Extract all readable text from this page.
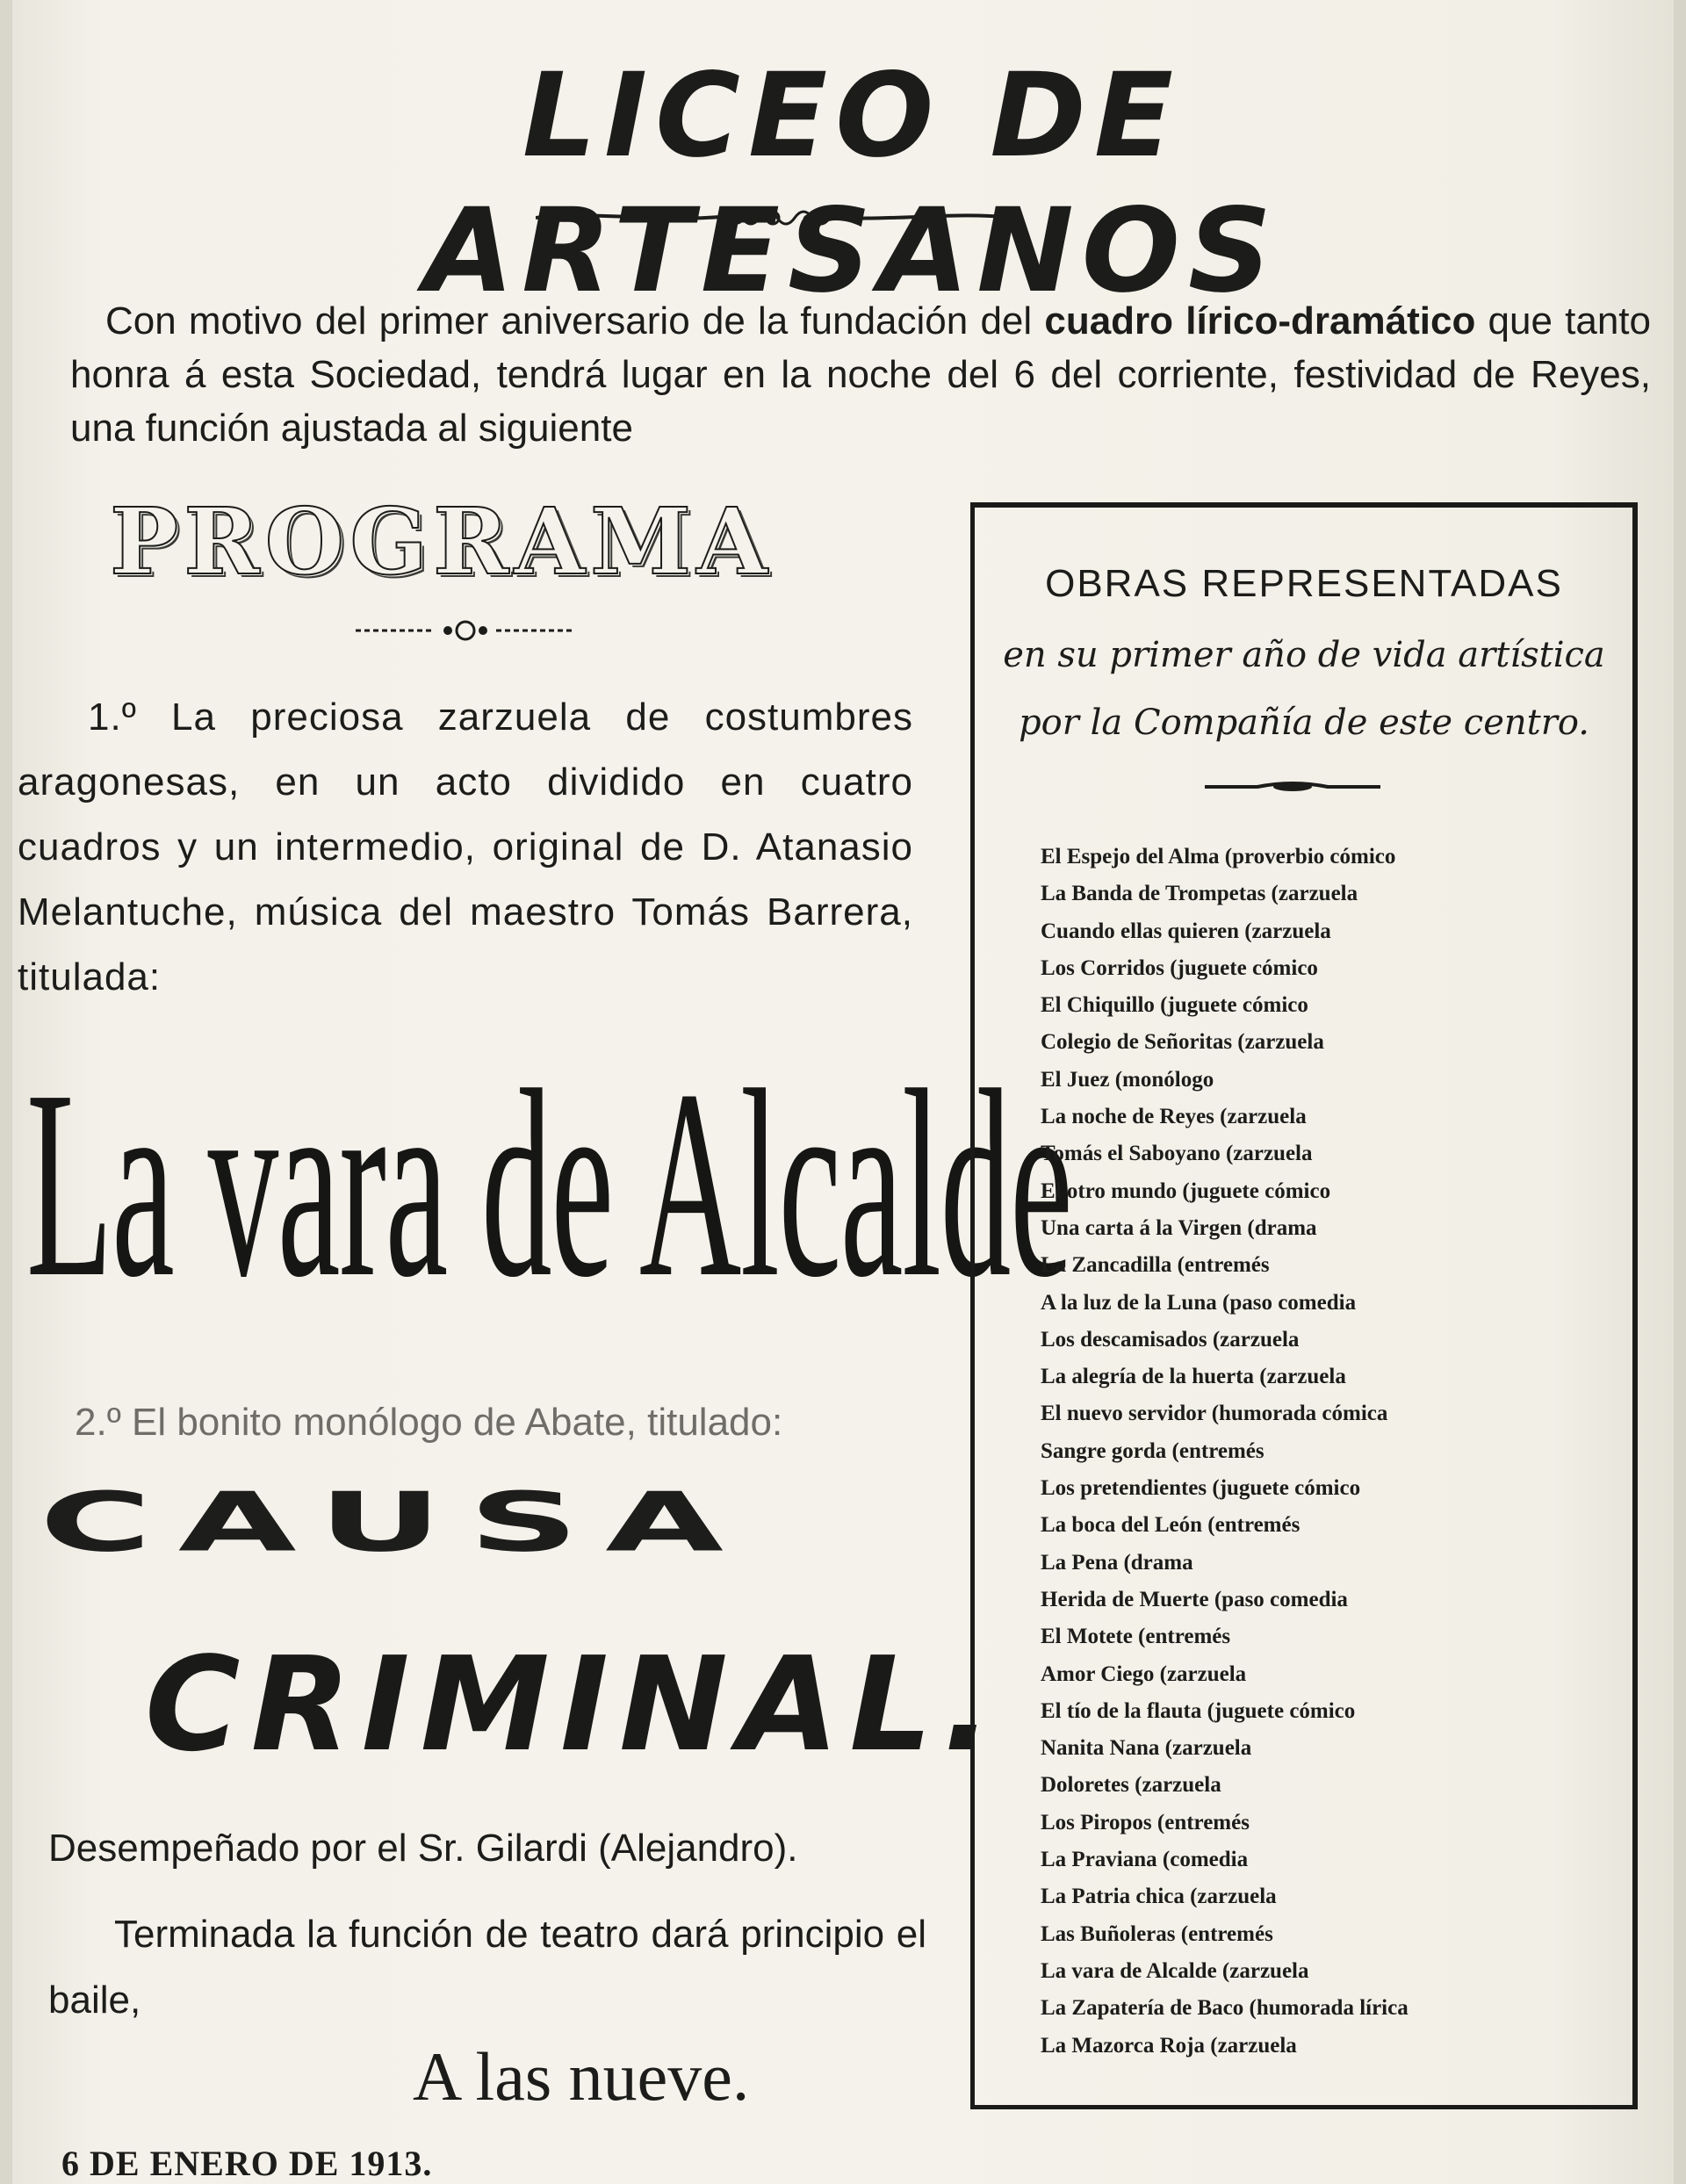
LICEO DE ARTESANOS

Con motivo del primer aniversario de la fundación del cuadro lírico-dramático que tanto honra á esta Sociedad, tendrá lugar en la noche del 6 del corriente, festividad de Reyes, una función ajustada al siguiente

PROGRAMA

1.º La preciosa zarzuela de costumbres aragonesas, en un acto dividido en cuatro cuadros y un intermedio, original de D. Atanasio Melantuche, música del maestro Tomás Barrera, titulada:

La vara de Alcalde

2.º El bonito monólogo de Abate, titulado:

CAUSA
CRIMINAL.

Desempeñado por el Sr. Gilardi (Alejandro).

Terminada la función de teatro dará principio el baile,

A las nueve.

6 DE ENERO DE 1913.

OBRAS REPRESENTADAS

en su primer año de vida artística

por la Compañía de este centro.

El Espejo del Alma (proverbio cómico
La Banda de Trompetas (zarzuela
Cuando ellas quieren (zarzuela
Los Corridos (juguete cómico
El Chiquillo (juguete cómico
Colegio de Señoritas (zarzuela
El Juez (monólogo
La noche de Reyes (zarzuela
Tomás el Saboyano (zarzuela
El otro mundo (juguete cómico
Una carta á la Virgen (drama
La Zancadilla (entremés
A la luz de la Luna (paso comedia
Los descamisados (zarzuela
La alegría de la huerta (zarzuela
El nuevo servidor (humorada cómica
Sangre gorda (entremés
Los pretendientes (juguete cómico
La boca del León (entremés
La Pena (drama
Herida de Muerte (paso comedia
El Motete (entremés
Amor Ciego (zarzuela
El tío de la flauta (juguete cómico
Nanita Nana (zarzuela
Doloretes (zarzuela
Los Piropos (entremés
La Praviana (comedia
La Patria chica (zarzuela
Las Buñoleras (entremés
La vara de Alcalde (zarzuela
La Zapatería de Baco (humorada lírica
La Mazorca Roja (zarzuela
